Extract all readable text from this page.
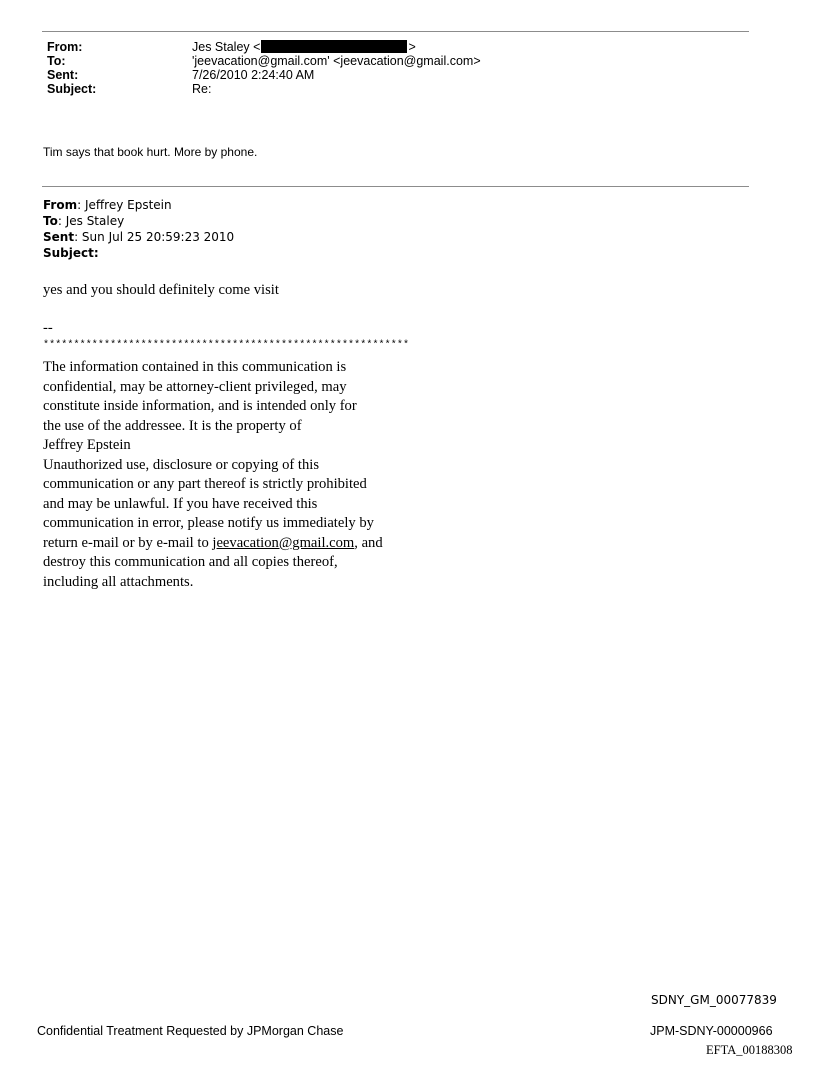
From:	Jes Staley <	>
To:	'jeevacation@gmail.com' <jeevacation@gmail.com>
Sent:	7/26/2010 2:24:40 AM
Subject:	Re:
Tim says that book hurt. More by phone.
From: Jeffrey Epstein
To: Jes Staley
Sent: Sun Jul 25 20:59:23 2010
Subject:
yes and you should definitely come visit
--
************************************************************
The information contained in this communication is
confidential, may be attorney-client privileged, may
constitute inside information, and is intended only for
the use of the addressee. It is the property of
Jeffrey Epstein
Unauthorized use, disclosure or copying of this
communication or any part thereof is strictly prohibited
and may be unlawful. If you have received this
communication in error, please notify us immediately by
return e-mail or by e-mail to jeevacation@gmail.com, and
destroy this communication and all copies thereof,
including all attachments.
SDNY_GM_00077839
Confidential Treatment Requested by JPMorgan Chase	JPM-SDNY-00000966
EFTA_00188308
